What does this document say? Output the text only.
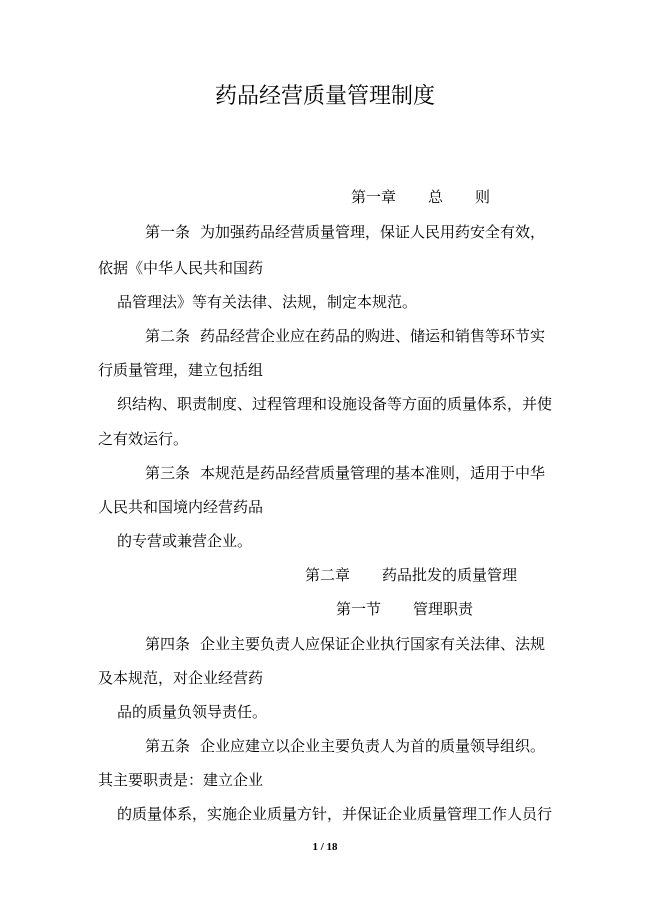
药品经营质量管理制度
第一章 总 则
第一条 为加强药品经营质量管理，保证人民用药安全有效，
依据《中华人民共和国药
品管理法》等有关法律、法规，制定本规范。
第二条 药品经营企业应在药品的购进、储运和销售等环节实
行质量管理，建立包括组
织结构、职责制度、过程管理和设施设备等方面的质量体系，并使
之有效运行。
第三条 本规范是药品经营质量管理的基本准则，适用于中华
人民共和国境内经营药品
的专营或兼营企业。
第二章 药品批发的质量管理
第一节 管理职责
第四条 企业主要负责人应保证企业执行国家有关法律、法规
及本规范，对企业经营药
品的质量负领导责任。
第五条 企业应建立以企业主要负责人为首的质量领导组织。
其主要职责是：建立企业
的质量体系，实施企业质量方针，并保证企业质量管理工作人员行
1 / 18
